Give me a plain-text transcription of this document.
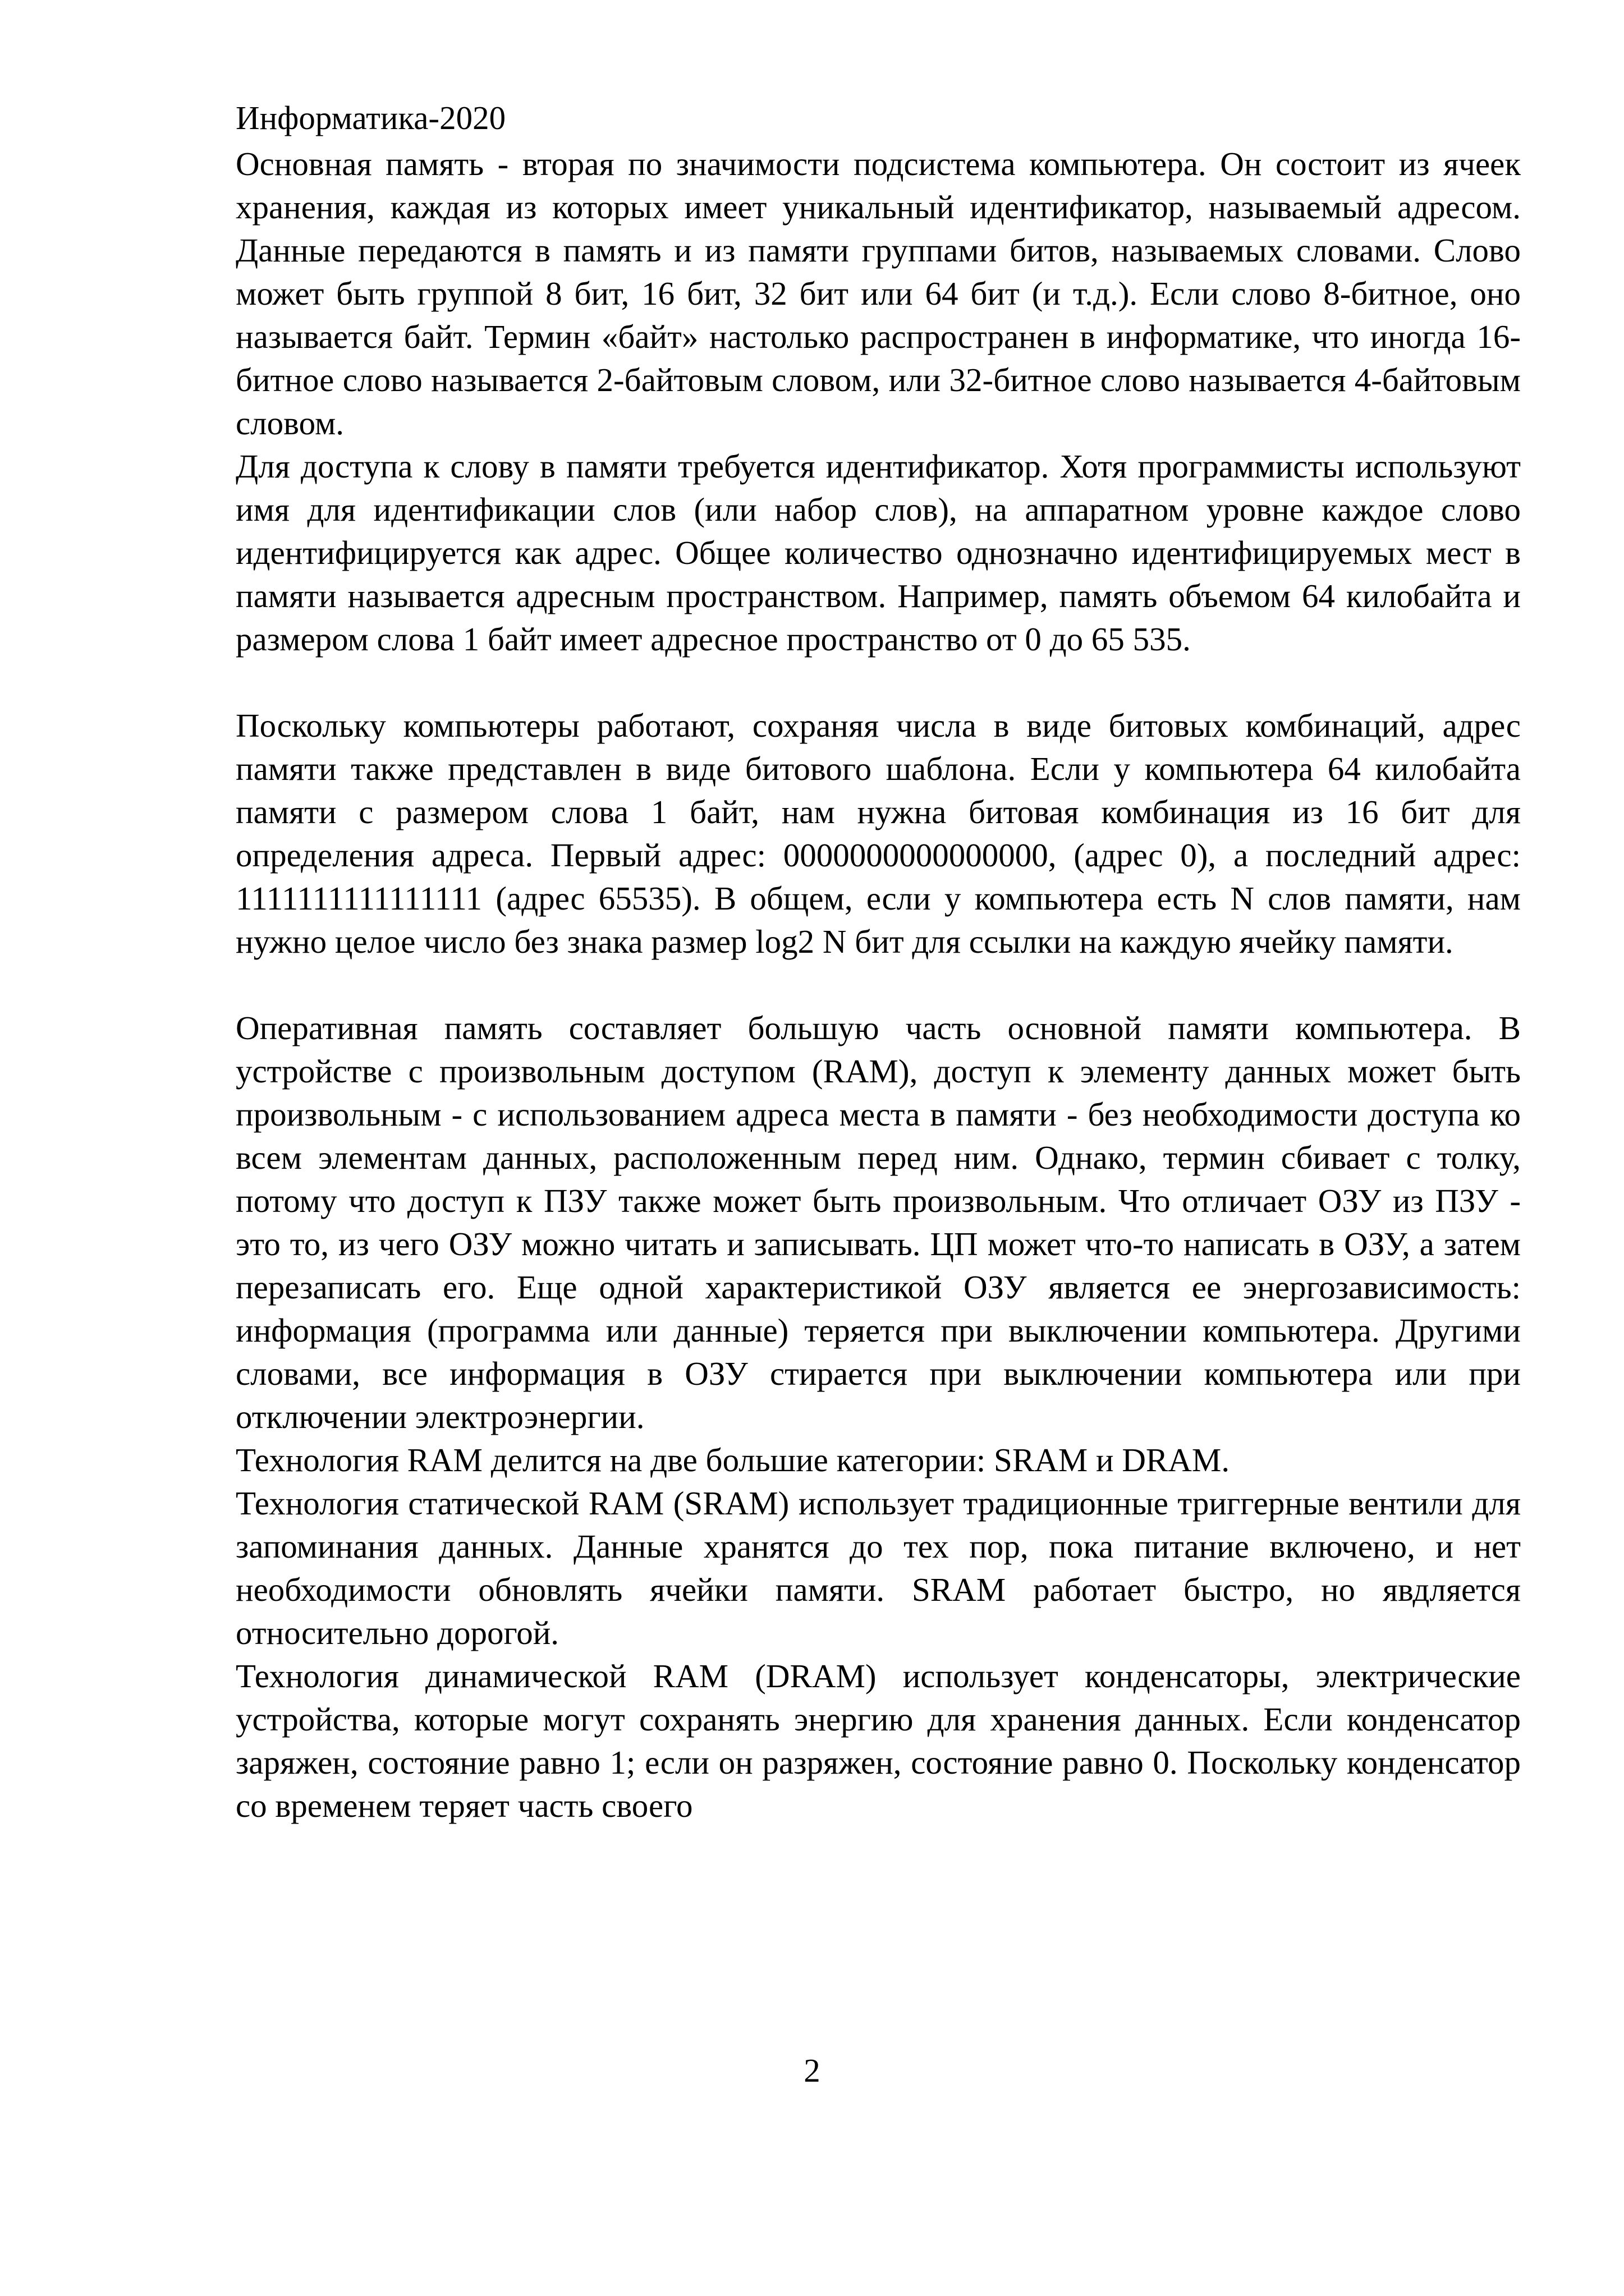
Информатика-2020

Основная память - вторая по значимости подсистема компьютера. Он состоит из ячеек хранения, каждая из которых имеет уникальный идентификатор, называемый адресом. Данные передаются в память и из памяти группами битов, называемых словами. Слово может быть группой 8 бит, 16 бит, 32 бит или 64 бит (и т.д.). Если слово 8-битное, оно называется байт. Термин «байт» настолько распространен в информатике, что иногда 16-битное слово называется 2-байтовым словом, или 32-битное слово называется 4-байтовым словом.

Для доступа к слову в памяти требуется идентификатор. Хотя программисты используют имя для идентификации слов (или набор слов), на аппаратном уровне каждое слово идентифицируется как адрес. Общее количество однозначно идентифицируемых мест в памяти называется адресным пространством. Например, память объемом 64 килобайта и размером слова 1 байт имеет адресное пространство от 0 до 65 535.

Поскольку компьютеры работают, сохраняя числа в виде битовых комбинаций, адрес памяти также представлен в виде битового шаблона. Если у компьютера 64 килобайта памяти с размером слова 1 байт, нам нужна битовая комбинация из 16 бит для определения адреса. Первый адрес: 0000000000000000, (адрес 0), а последний адрес: 1111111111111111 (адрес 65535). В общем, если у компьютера есть N слов памяти, нам нужно целое число без знака размер log2 N бит для ссылки на каждую ячейку памяти.

Оперативная память составляет большую часть основной памяти компьютера. В устройстве с произвольным доступом (RAM), доступ к элементу данных может быть произвольным - с использованием адреса места в памяти - без необходимости доступа ко всем элементам данных, расположенным перед ним. Однако, термин сбивает с толку, потому что доступ к ПЗУ также может быть произвольным. Что отличает ОЗУ из ПЗУ - это то, из чего ОЗУ можно читать и записывать. ЦП может что-то написать в ОЗУ, а затем перезаписать его. Еще одной характеристикой ОЗУ является ее энергозависимость: информация (программа или данные) теряется при выключении компьютера. Другими словами, все информация в ОЗУ стирается при выключении компьютера или при отключении электроэнергии.

Технология RAM делится на две большие категории: SRAM и DRAM.

Технология статической RAM (SRAM) использует традиционные триггерные вентили для запоминания данных. Данные хранятся до тех пор, пока питание включено, и нет необходимости обновлять ячейки памяти. SRAM работает быстро, но явдляется относительно дорогой.

Технология динамической RAM (DRAM) использует конденсаторы, электрические устройства, которые могут сохранять энергию для хранения данных. Если конденсатор заряжен, состояние равно 1; если он разряжен, состояние равно 0. Поскольку конденсатор со временем теряет часть своего

2
